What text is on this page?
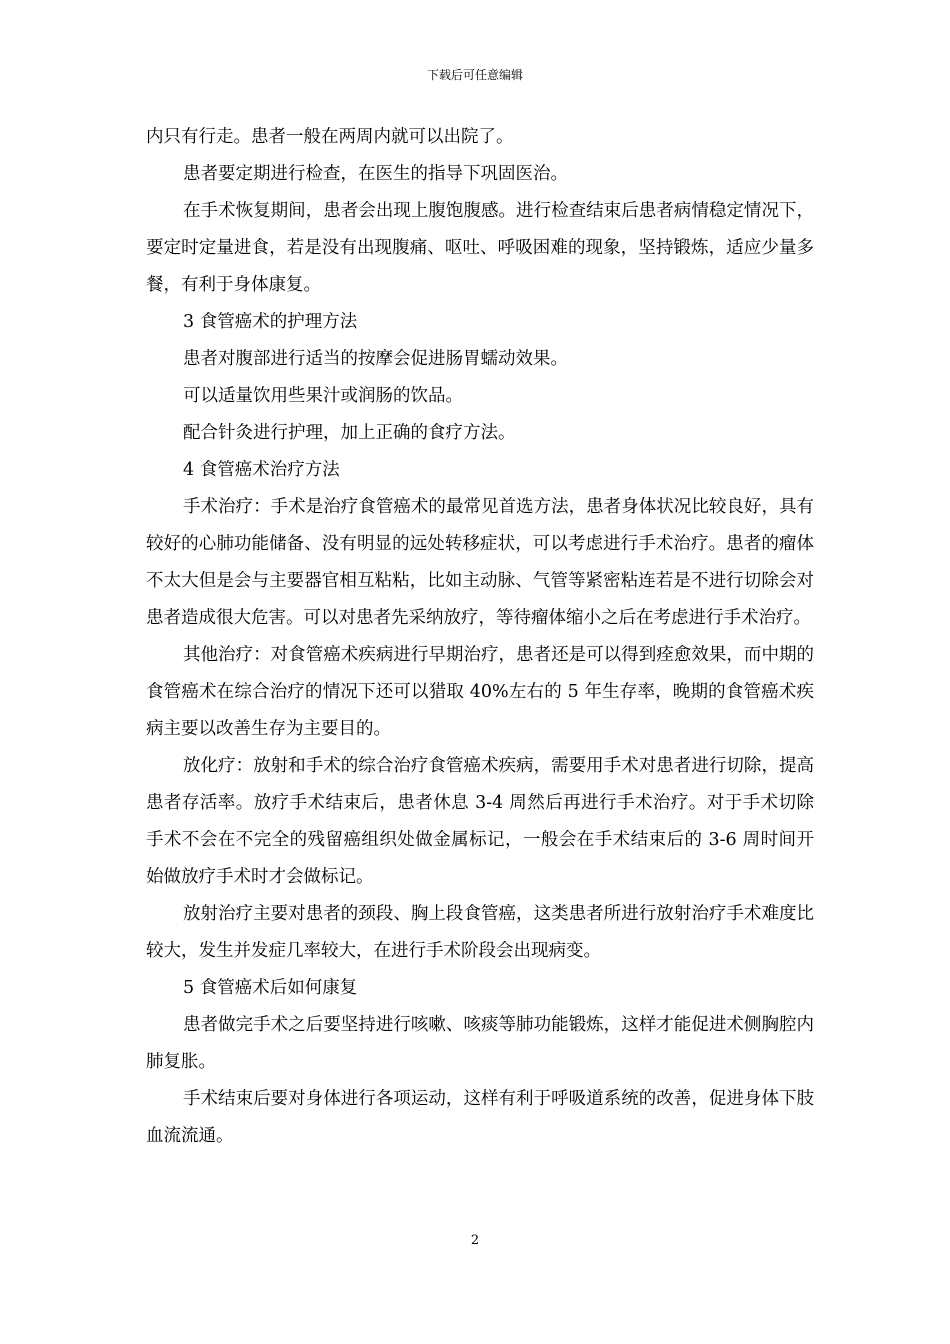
下载后可任意编辑

内只有行走。患者一般在两周内就可以出院了。

患者要定期进行检查，在医生的指导下巩固医治。

在手术恢复期间，患者会出现上腹饱腹感。进行检查结束后患者病情稳定情况下，要定时定量进食，若是没有出现腹痛、呕吐、呼吸困难的现象，坚持锻炼，适应少量多餐，有利于身体康复。

3 食管癌术的护理方法

患者对腹部进行适当的按摩会促进肠胃蠕动效果。

可以适量饮用些果汁或润肠的饮品。

配合针灸进行护理，加上正确的食疗方法。

4 食管癌术治疗方法

手术治疗：手术是治疗食管癌术的最常见首选方法，患者身体状况比较良好，具有较好的心肺功能储备、没有明显的远处转移症状，可以考虑进行手术治疗。患者的瘤体不太大但是会与主要器官相互粘粘，比如主动脉、气管等紧密粘连若是不进行切除会对患者造成很大危害。可以对患者先采纳放疗，等待瘤体缩小之后在考虑进行手术治疗。

其他治疗：对食管癌术疾病进行早期治疗，患者还是可以得到痊愈效果，而中期的食管癌术在综合治疗的情况下还可以猎取 40%左右的 5 年生存率，晚期的食管癌术疾病主要以改善生存为主要目的。

放化疗：放射和手术的综合治疗食管癌术疾病，需要用手术对患者进行切除，提高患者存活率。放疗手术结束后，患者休息 3-4 周然后再进行手术治疗。对于手术切除手术不会在不完全的残留癌组织处做金属标记，一般会在手术结束后的 3-6 周时间开始做放疗手术时才会做标记。

放射治疗主要对患者的颈段、胸上段食管癌，这类患者所进行放射治疗手术难度比较大，发生并发症几率较大，在进行手术阶段会出现病变。

5 食管癌术后如何康复

患者做完手术之后要坚持进行咳嗽、咳痰等肺功能锻炼，这样才能促进术侧胸腔内肺复胀。

手术结束后要对身体进行各项运动，这样有利于呼吸道系统的改善，促进身体下肢血流流通。

2
